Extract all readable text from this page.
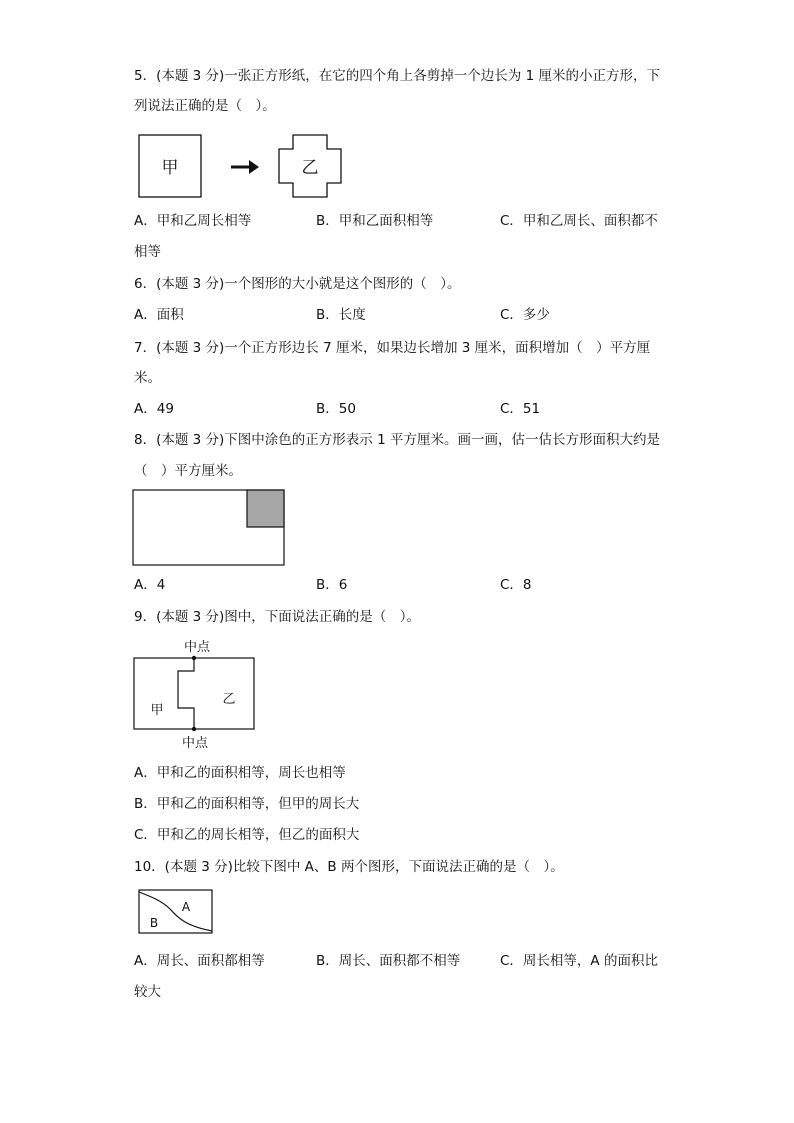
5．(本题 3 分)一张正方形纸，在它的四个角上各剪掉一个边长为 1 厘米的小正方形，下
列说法正确的是（　）。
甲	乙
A．甲和乙周长相等	B．甲和乙面积相等	C．甲和乙周长、面积都不
相等
6．(本题 3 分)一个图形的大小就是这个图形的（　）。
A．面积	B．长度	C．多少
7．(本题 3 分)一个正方形边长 7 厘米，如果边长增加 3 厘米，面积增加（　）平方厘
米。
A．49	B．50	C．51
8．(本题 3 分)下图中涂色的正方形表示 1 平方厘米。画一画，估一估长方形面积大约是
（　）平方厘米。
A．4	B．6	C．8
9．(本题 3 分)图中，下面说法正确的是（　）。
中点
甲
乙
中点
A．甲和乙的面积相等，周长也相等
B．甲和乙的面积相等，但甲的周长大
C．甲和乙的周长相等，但乙的面积大
10．(本题 3 分)比较下图中 A、B 两个图形，下面说法正确的是（　）。
A
B
A．周长、面积都相等	B．周长、面积都不相等	C．周长相等，A 的面积比
较大
